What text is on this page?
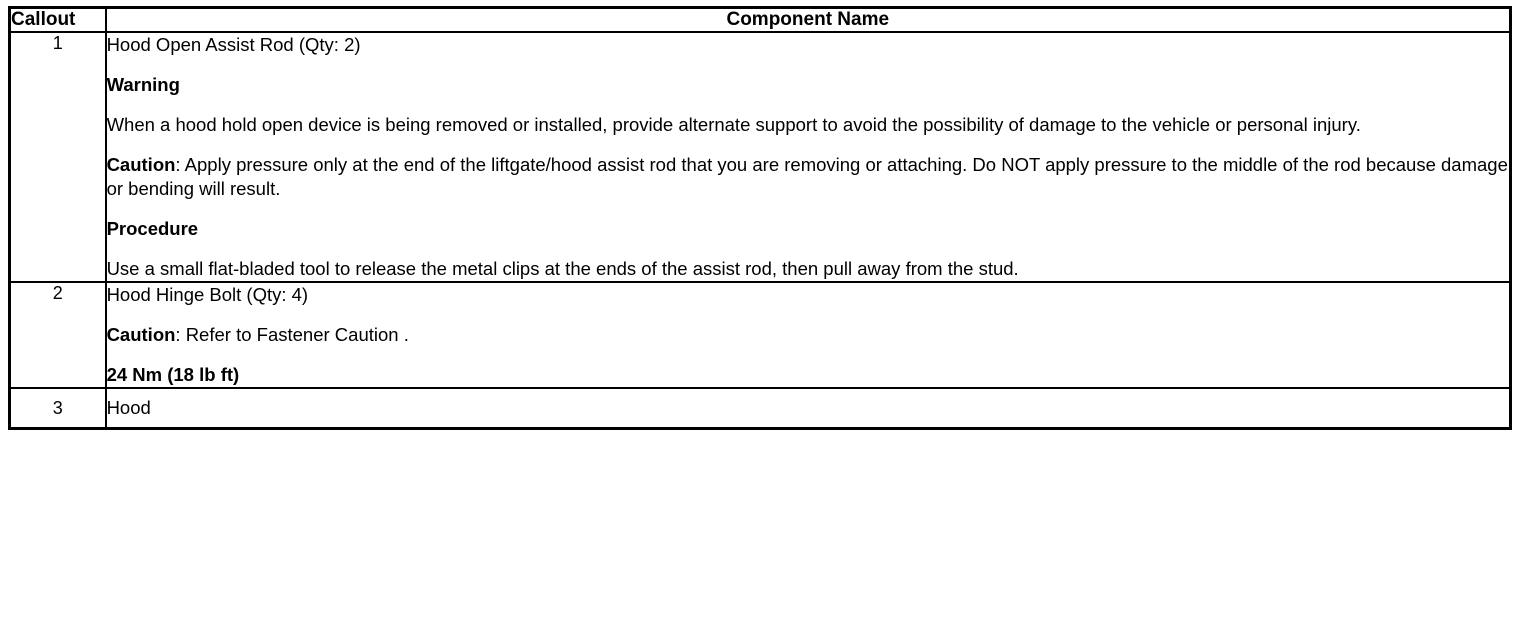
Callout	Component Name
1	Hood Open Assist Rod (Qty: 2)

Warning

When a hood hold open device is being removed or installed, provide alternate support to avoid the possibility of damage to the vehicle or personal injury.

Caution: Apply pressure only at the end of the liftgate/hood assist rod that you are removing or attaching. Do NOT apply pressure to the middle of the rod because damage or bending will result.

Procedure

Use a small flat-bladed tool to release the metal clips at the ends of the assist rod, then pull away from the stud.

2	Hood Hinge Bolt (Qty: 4)

Caution: Refer to Fastener Caution .

24 Nm (18 lb ft)

3	Hood
